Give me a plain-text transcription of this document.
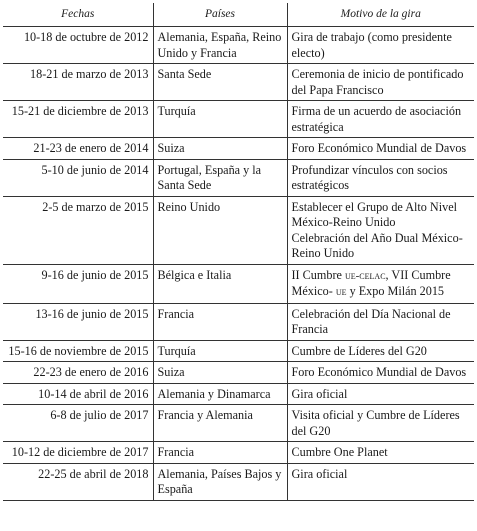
Fechas	Países	Motivo de la gira
10-18 de octubre de 2012	Alemania, España, Reino Unido y Francia	Gira de trabajo (como presidente electo)

18-21 de marzo de 2013	Santa Sede	Ceremonia de inicio de pontificado del Papa Francisco

15-21 de diciembre de 2013	Turquía	Firma de un acuerdo de asociación estratégica

21-23 de enero de 2014	Suiza	Foro Económico Mundial de Davos

5-10 de junio de 2014	Portugal, España y la Santa Sede	Profundizar vínculos con socios estratégicos

2-5 de marzo de 2015	Reino Unido	Establecer el Grupo de Alto Nivel México-Reino Unido
Celebración del Año Dual México-Reino Unido

9-16 de junio de 2015	Bélgica e Italia	II Cumbre ue-celac, VII Cumbre México- ue y Expo Milán 2015

13-16 de junio de 2015	Francia	Celebración del Día Nacional de Francia

15-16 de noviembre de 2015	Turquía	Cumbre de Líderes del G20

22-23 de enero de 2016	Suiza	Foro Económico Mundial de Davos

10-14 de abril de 2016	Alemania y Dinamarca	Gira oficial

6-8 de julio de 2017	Francia y Alemania	Visita oficial y Cumbre de Líderes del G20

10-12 de diciembre de 2017	Francia	Cumbre One Planet

22-25 de abril de 2018	Alemania, Países Bajos y España	Gira oficial
